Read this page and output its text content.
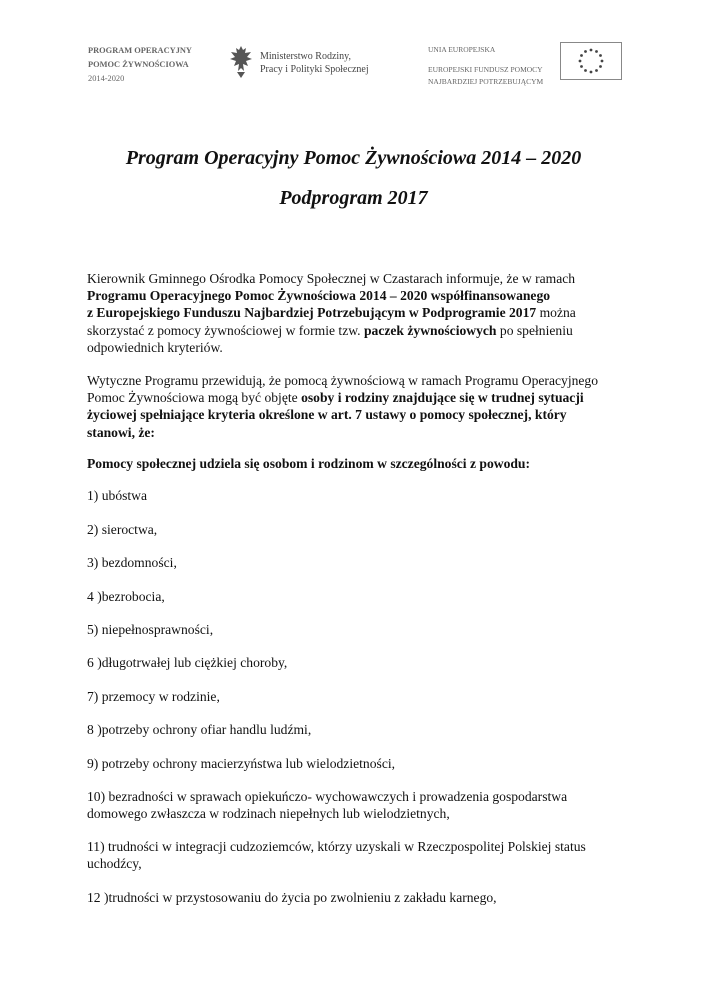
PROGRAM OPERACYJNY
POMOC ŻYWNOŚCIOWA
2014-2020
Ministerstwo Rodziny,
Pracy i Polityki Społecznej
UNIA EUROPEJSKA
EUROPEJSKI FUNDUSZ POMOCY
NAJBARDZIEJ POTRZEBUJĄCYM
Program Operacyjny Pomoc Żywnościowa 2014 – 2020
Podprogram 2017
Kierownik Gminnego Ośrodka Pomocy Społecznej w Czastarach informuje, że w ramach
Programu Operacyjnego Pomoc Żywnościowa 2014 – 2020 współfinansowanego
z Europejskiego Funduszu Najbardziej Potrzebującym w Podprogramie 2017 można
skorzystać z pomocy żywnościowej w formie tzw. paczek żywnościowych po spełnieniu
odpowiednich kryteriów.
Wytyczne Programu przewidują, że pomocą żywnościową w ramach Programu Operacyjnego
Pomoc Żywnościowa mogą być objęte osoby i rodziny znajdujące się w trudnej sytuacji
życiowej spełniające kryteria określone w art. 7 ustawy o pomocy społecznej, który
stanowi, że:
Pomocy społecznej udziela się osobom i rodzinom w szczególności z powodu:
1) ubóstwa
2) sieroctwa,
3) bezdomności,
4 )bezrobocia,
5) niepełnosprawności,
6 )długotrwałej lub ciężkiej choroby,
7) przemocy w rodzinie,
8 )potrzeby ochrony ofiar handlu ludźmi,
9) potrzeby ochrony macierzyństwa lub wielodzietności,
10) bezradności w sprawach opiekuńczo- wychowawczych i prowadzenia gospodarstwa
domowego zwłaszcza w rodzinach niepełnych lub wielodzietnych,
11) trudności w integracji cudzoziemców, którzy uzyskali w Rzeczpospolitej Polskiej status
uchodźcy,
12 )trudności w przystosowaniu do życia po zwolnieniu z zakładu karnego,
